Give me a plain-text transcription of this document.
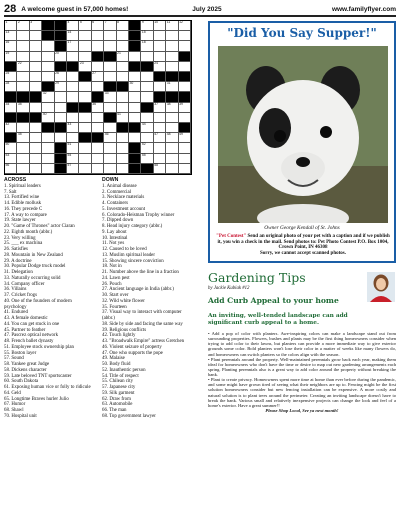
28 A welcome guest in 57,000 homes!	July 2025	www.familyflyer.com
1	2	3	4	5	6	7	8	9	10	11	12
13	14	15
16	17	18
19	20	21
22	23	24
25	26	27
28	29	30	31
32	33
34	35	36	37	38	39
40	41
42	43	44
45	46	47	48	49
50	51	52
53	54	55
56	57	58
ACROSS
1. Spiritual leaders
7. Salt
13. Fortified wine
14. Edible mollusk
16. They precede C
17. A way to compare
19. State lawyer
20. "Game of Thrones" actor Ciaran
22. Eighth month (abbr.)
23. Very willing
25. ___ ex machina
26. Satisfies
28. Mountain in New Zealand
29. A doctrine
30. Popular Dodge truck model
31. Delegation
33. Naturally occurring solid
34. Company officer
36. Villains
37. Cricket frogs
40. One of the founders of modern psychology
41. Endured
43. A female domestic
44. You can get stuck in one
45. Partner to feather
47. Pascrez optical network
48. French ballet dynasty
51. Employee stock ownership plan
55. Boston layer
57. Sound
58. Yankee great Judge
58. Dickens character
59. Late beloved TNT sportscaster
60. South Dakota
61. Exposing human vice or folly to ridicule
64. Geld
65. Longtime Braves hurler Julio
67. Humor
68. Shawl
70. Hospital unit
DOWN
1. Animal disease
2. Commercial
3. Necklace materials
4. Containers
5. Investment account
6. Colorado-Heisman Trophy winner
7. Dipped down
8. Head injury category (abbr.)
9. Lay about
10. Intestinal
11. Not yes
12. Caused to be loved
13. Muslim spiritual leader
15. Showing sincere conviction
18. Not in
21. Number above the line in a fraction
24. Lawn pest
26. Pouch
27. Ancient language in India (abbr.)
30. Start over
32. Wild white flower
35. Fourteen
37. Visual way to interact with computer (abbr.)
38. Side by side and facing the same way
39. Religious conflicts
42. Touch lightly
43. "Broadwalk Empire" actress Gretchen
46. Violent seizure of property
47. One who supports the pope
49. Malaise
50. Body fluid
52. Inauthentic person
54. Title of respect
55. Chilean city
57. Japanese city
59. Silk garment
62. Draw from
63. Automobile
66. The man
68. Top government lawyer
"Did You Say Supper!"
Owner George Kendall of St. Johns
"Pet Contest" Send an original photo of your pet with a caption and if we publish it, you win a check in the mail. Send photos to: Pet Photo Contest P.O. Box 1004, Crown Point, IN 46308
Sorry, we cannot accept scanned photos.
Gardening Tips
by Jackie Kubiak #12
Add Curb Appeal to your home
An inviting, well-tended landscape can add significant curb appeal to a home.

• Add a pop of color with planters. Awe-inspiring colors can make a landscape stand out from surrounding properties. Flowers, bushes and plants may be the first thing homeowners consider when trying to add color to their lawns, but planters can provide a more immediate way to give exterior grounds some color. Bold planters won't lose their color in a matter of weeks like many flowers do, and homeowners can switch planters so the colors align with the season.

• Plant perennials around the property. Well-maintained perennials grow back each year, making them ideal for homeowners who don't have the time or desire to map out new gardening arrangements each spring. Planting perennials also is a great way to add color around the property without breaking the bank.

• Plant to create privacy. Homeowners spent more time at home than ever before during the pandemic, and some might have grown tired of seeing what their neighbors are up to. Fencing might be the first solution homeowners consider but new fencing installation can be expensive. A more costly and natural solution is to plant trees around the perimeter. Creating an inviting landscape doesn't have to break the bank. Various small and relatively inexpensive projects can change the look and feel of a home's exterior. Have a great summer!!

Please Shop Local, See ya next month!
